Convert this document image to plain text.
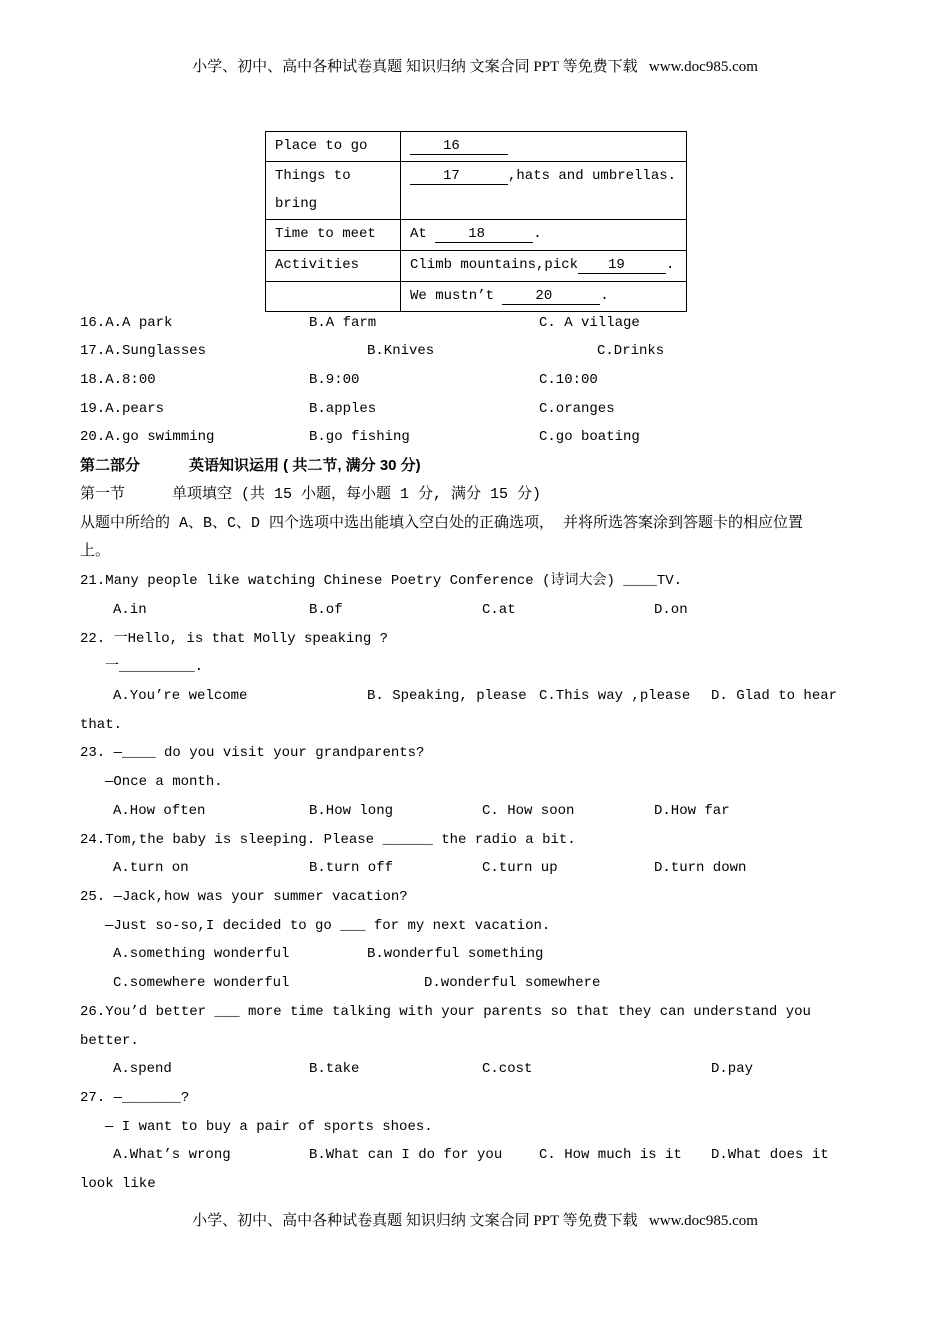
小学、初中、高中各种试卷真题 知识归纳 文案合同 PPT 等免费下载   www.doc985.com
Place to go	16
Things to bring	17 ,hats and umbrellas.
Time to meet	At 18 .
Activities	Climb mountains,pick 19 .
	We mustn’t 20 .
16.A.A park	B.A farm	C. A village
17.A.Sunglasses	B.Knives	C.Drinks
18.A.8:00	B.9:00	C.10:00
19.A.pears	B.apples	C.oranges
20.A.go swimming	B.go fishing	C.go boating
第二部分	英语知识运用 ( 共二节, 满分 30 分)
第一节	单项填空 (共 15 小题，每小题 1 分, 满分 15 分)
从题中所给的 A、B、C、D 四个选项中选出能填入空白处的正确选项， 并将所选答案涂到答题卡的相应位置
上。
21.Many people like watching Chinese Poetry Conference (诗词大会) ____TV.
A.in	B.of	C.at	D.on
22. 一Hello, is that Molly speaking ?
一_________.
A.You’re welcome	B. Speaking, please C.This way ,please D. Glad to hear
that.
23. —____ do you visit your grandparents?
—Once a month.
A.How often	B.How long	C. How soon	D.How far
24.Tom,the baby is sleeping. Please ______ the radio a bit.
A.turn on	B.turn off	C.turn up	D.turn down
25. —Jack,how was your summer vacation?
—Just so-so,I decided to go ___ for my next vacation.
A.something wonderful	B.wonderful something
C.somewhere wonderful	D.wonderful somewhere
26.You’d better ___ more time talking with your parents so that they can understand you
better.
A.spend	B.take	C.cost	D.pay
27. —_______?
— I want to buy a pair of sports shoes.
A.What’s wrong	B.What can I do for you	C. How much is it D.What does it
look like
小学、初中、高中各种试卷真题 知识归纳 文案合同 PPT 等免费下载   www.doc985.com
